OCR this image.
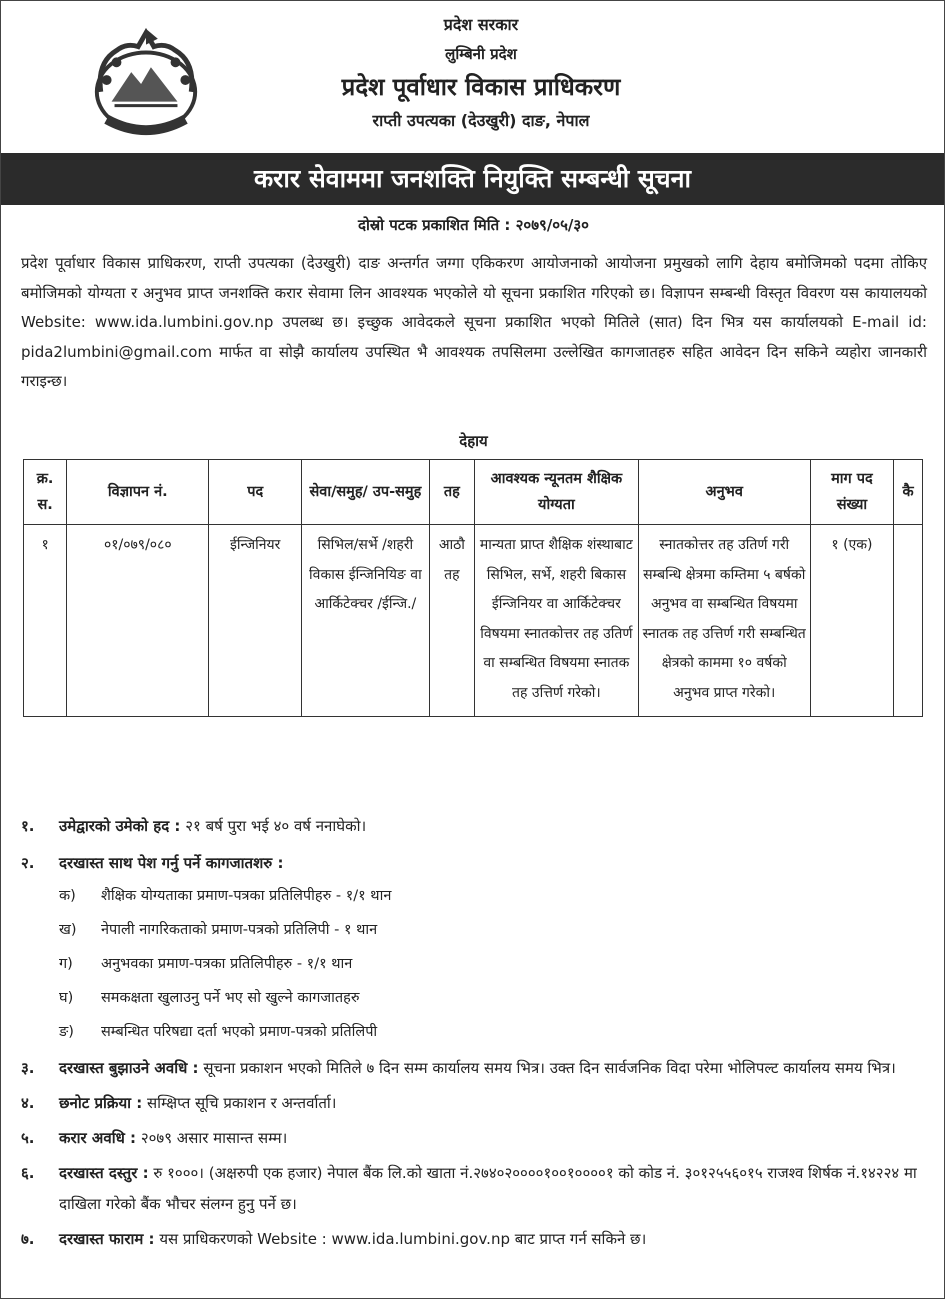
प्रदेश सरकार
लुम्बिनी प्रदेश
प्रदेश पूर्वाधार विकास प्राधिकरण
राप्ती उपत्यका (देउखुरी) दाङ, नेपाल
करार सेवाममा जनशक्ति नियुक्ति सम्बन्धी सूचना
दोस्रो पटक प्रकाशित मिति : २०७९/०५/३०
प्रदेश पूर्वाधार विकास प्राधिकरण, राप्ती उपत्यका (देउखुरी) दाङ अन्तर्गत जग्गा एकिकरण आयोजनाको आयोजना प्रमुखको लागि देहाय बमोजिमको पदमा तोकिए बमोजिमको योग्यता र अनुभव प्राप्त जनशक्ति करार सेवामा लिन आवश्यक भएकोले यो सूचना प्रकाशित गरिएको छ। विज्ञापन सम्बन्धी विस्तृत विवरण यस कायालयको Website: www.ida.lumbini.gov.np उपलब्ध छ। इच्छुक आवेदकले सूचना प्रकाशित भएको मितिले (सात) दिन भित्र यस कार्यालयको E-mail id: pida2lumbini@gmail.com मार्फत वा सोझै कार्यालय उपस्थित भै आवश्यक तपसिलमा उल्लेखित कागजातहरु सहित आवेदन दिन सकिने व्यहोरा जानकारी गराइन्छ।
देहाय
क्र. स.	विज्ञापन नं.	पद	सेवा/समुह/ उप-समुह	तह	आवश्यक न्यूनतम शैक्षिक योग्यता	अनुभव	माग पद संख्या	कै
१	०१/०७९/०८०	ईन्जिनियर	सिभिल/सर्भे /शहरी विकास ईन्जिनियिङ वा आर्किटेक्चर /ईन्जि./	आठौ तह	मान्यता प्राप्त शैक्षिक शंस्थाबाट सिभिल, सर्भे, शहरी बिकास ईन्जिनियर वा आर्किटेक्चर विषयमा स्नातकोत्तर तह उतिर्ण वा सम्बन्धित विषयमा स्नातक तह उत्तिर्ण गरेको।	स्नातकोत्तर तह उतिर्ण गरी सम्बन्धि क्षेत्रमा कम्तिमा ५ बर्षको अनुभव वा सम्बन्धित विषयमा स्नातक तह उत्तिर्ण गरी सम्बन्धित क्षेत्रको काममा १० वर्षको अनुभव प्राप्त गरेको।	१ (एक)	
१. उमेद्वारको उमेको हद : २१ बर्ष पुरा भई ४० वर्ष ननाघेको।
२. दरखास्त साथ पेश गर्नु पर्ने कागजातशरु :
क) शैक्षिक योग्यताका प्रमाण-पत्रका प्रतिलिपीहरु - १/१ थान
ख) नेपाली नागरिकताको प्रमाण-पत्रको प्रतिलिपी - १ थान
ग) अनुभवका प्रमाण-पत्रका प्रतिलिपीहरु - १/१ थान
घ) समकक्षता खुलाउनु पर्ने भए सो खुल्ने कागजातहरु
ङ) सम्बन्धित परिषद्या दर्ता भएको प्रमाण-पत्रको प्रतिलिपी
३. दरखास्त बुझाउने अवधि : सूचना प्रकाशन भएको मितिले ७ दिन सम्म कार्यालय समय भित्र। उक्त दिन सार्वजनिक विदा परेमा भोलिपल्ट कार्यालय समय भित्र।
४. छनोट प्रक्रिया : सम्क्षिप्त सूचि प्रकाशन र अन्तर्वार्ता।
५. करार अवधि : २०७९ असार मासान्त सम्म।
६. दरखास्त दस्तुर : रु १०००। (अक्षरुपी एक हजार) नेपाल बैंक लि.को खाता नं.२७४०२००००१००१००००१ को कोड नं. ३०१२५५६०१५ राजश्व शिर्षक नं.१४२२४ मा दाखिला गरेको बैंक भौचर संलग्न हुनु पर्ने छ।
७. दरखास्त फाराम : यस प्राधिकरणको Website : www.ida.lumbini.gov.np बाट प्राप्त गर्न सकिने छ।
